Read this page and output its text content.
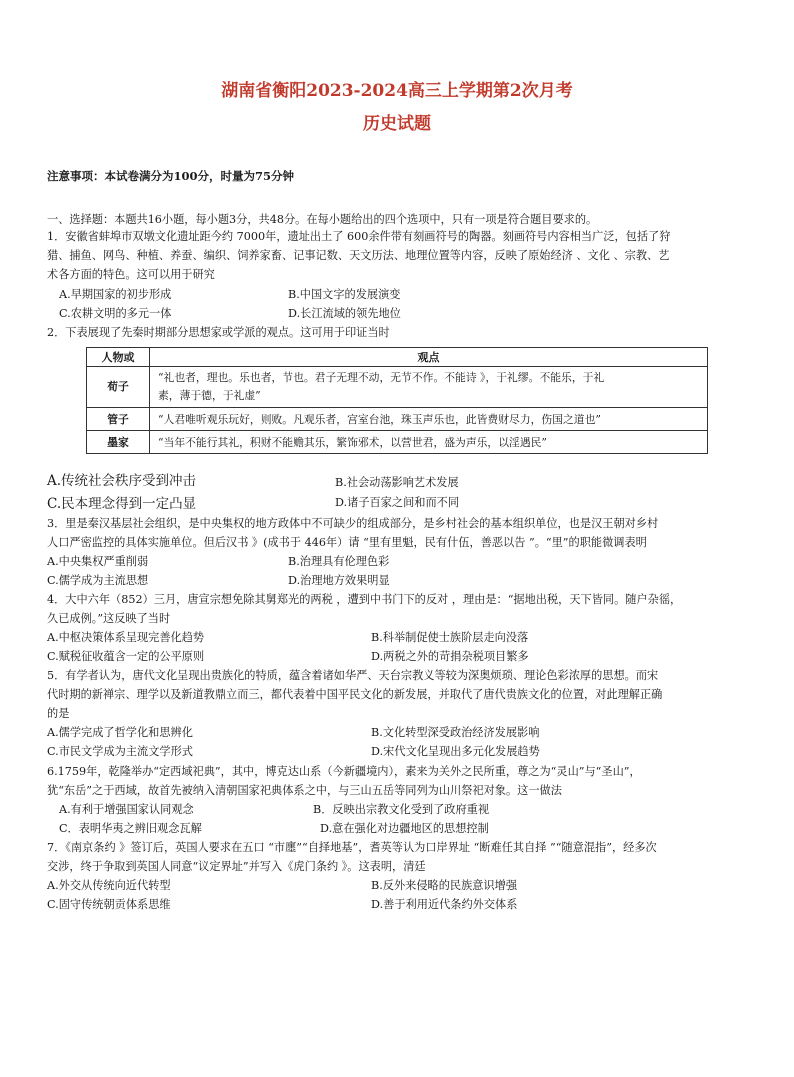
湖南省衡阳2023-2024高三上学期第2次月考
历史试题
注意事项：本试卷满分为100分，时量为75分钟
一、选择题：本题共16小题，每小题3分，共48分。在每小题给出的四个选项中，只有一项是符合题目要求的。
1．安徽省蚌埠市双墩文化遗址距今约 7000年，遗址出土了 600余件带有刻画符号的陶器。刻画符号内容相当广泛，包括了狩
猎、捕鱼、网鸟、种植、养蚕、编织、饲养家畜、记事记数、天文历法、地理位置等内容，反映了原始经济 、文化 、宗教、艺
术各方面的特色。这可以用于研究
A.早期国家的初步形成	B.中国文字的发展演变
C.农耕文明的多元一体	D.长江流域的领先地位
2．下表展现了先秦时期部分思想家或学派的观点。这可用于印证当时
人物或	观点
荀子	“礼也者，理也。乐也者，节也。君子无理不动，无节不作。不能诗 》，于礼缪。不能乐，于礼
素，薄于德，于礼虚”

管子	“人君唯听观乐玩好，则败。凡观乐者，宫室台池，珠玉声乐也，此皆费财尽力，伤国之道也”
墨家	“当年不能行其礼，积财不能赡其乐，繁饰邪术，以营世君，盛为声乐，以淫遇民”
A.传统社会秩序受到冲击	B.社会动荡影响艺术发展
C.民本理念得到一定凸显	D.诸子百家之间和而不同
3．里是秦汉基层社会组织，是中央集权的地方政体中不可缺少的组成部分，是乡村社会的基本组织单位，也是汉王朝对乡村
人口严密监控的具体实施单位。但后汉书 》(成书于 446年）请 “里有里魁，民有什伍，善恶以告 ”。“里”的职能微调表明
A.中央集权严重削弱	B.治理具有伦理色彩
C.儒学成为主流思想	D.治理地方效果明显
4．大中六年（852）三月，唐宣宗想免除其舅郑光的两税 ，遭到中书门下的反对 ，理由是：“据地出税，天下皆同。随户杂徭，
久已成例。”这反映了当时
A.中枢决策体系呈现完善化趋势	B.科举制促使士族阶层走向没落
C.赋税征收蕴含一定的公平原则	D.两税之外的苛捐杂税项目繁多
5．有学者认为，唐代文化呈现出贵族化的特质，蕴含着诸如华严、天台宗教义等较为深奥烦琐、理论色彩浓厚的思想。而宋
代时期的新禅宗、理学以及新道教鼎立而三，都代表着中国平民文化的新发展，并取代了唐代贵族文化的位置，对此理解正确
的是
A.儒学完成了哲学化和思辨化	B.文化转型深受政治经济发展影响
C.市民文学成为主流文学形式	D.宋代文化呈现出多元化发展趋势
6.1759年，乾隆举办“定西域祀典”，其中，博克达山系（今新疆境内），素来为关外之民所重，尊之为“灵山”与“圣山”，
犹“东岳”之于西域，故首先被纳入清朝国家祀典体系之中，与三山五岳等同列为山川祭祀对象。这一做法
A.有利于增强国家认同观念	B．反映出宗教文化受到了政府重视
C．表明华夷之辨旧观念瓦解	D.意在强化对边疆地区的思想控制
7．《南京条约 》签订后，英国人要求在五口 “市廛”“自择地基”，耆英等认为口岸界址 “断难任其自择 ”“随意混指”，经多次
交涉，终于争取到英国人同意“议定界址”并写入《虎门条约 》。这表明，清廷
A.外交从传统向近代转型	B.反外来侵略的民族意识增强
C.固守传统朝贡体系思维	D.善于利用近代条约外交体系
